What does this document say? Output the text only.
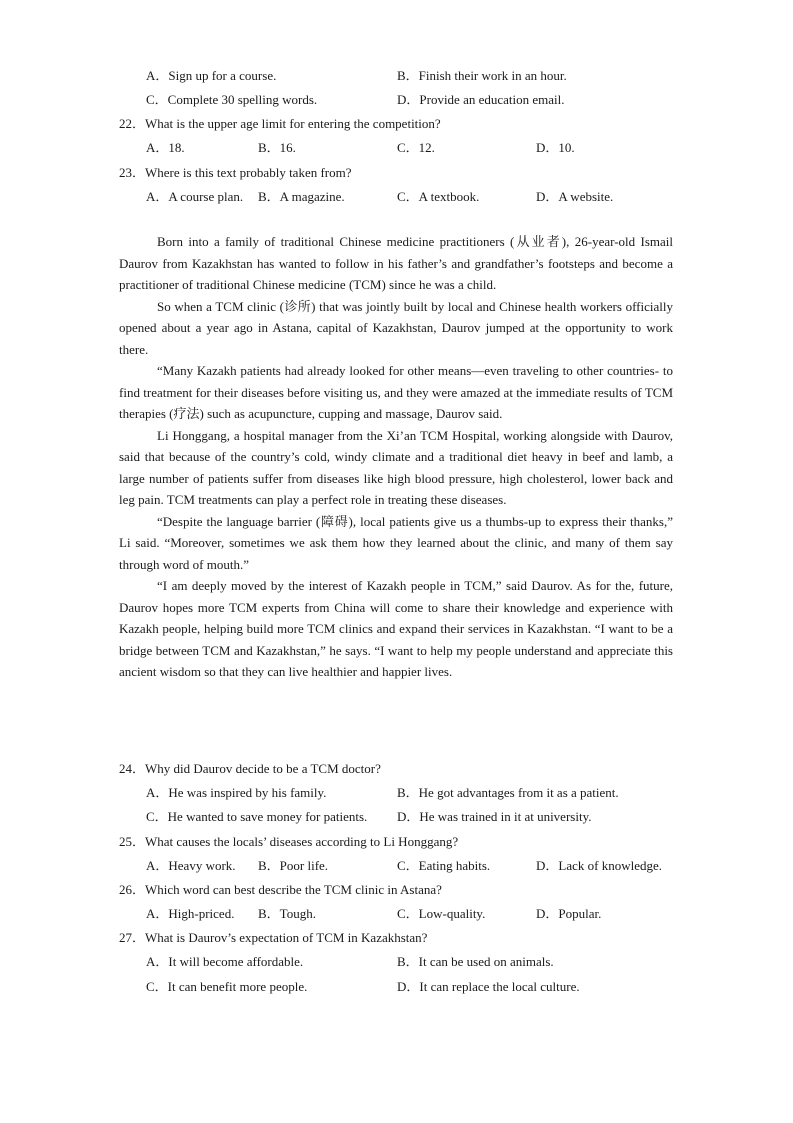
A．Sign up for a course.	B．Finish their work in an hour.
C．Complete 30 spelling words.	D．Provide an education email.
22．What is the upper age limit for entering the competition?
A．18.	B．16.	C．12.	D．10.
23．Where is this text probably taken from?
A．A course plan. B．A magazine.	C．A textbook.	D．A website.

Born into a family of traditional Chinese medicine practitioners (从业者), 26-year-old Ismail Daurov from Kazakhstan has wanted to follow in his father’s and grandfather’s footsteps and become a practitioner of traditional Chinese medicine (TCM) since he was a child.

So when a TCM clinic (诊所) that was jointly built by local and Chinese health workers officially opened about a year ago in Astana, capital of Kazakhstan, Daurov jumped at the opportunity to work there.

“Many Kazakh patients had already looked for other means—even traveling to other countries- to find treatment for their diseases before visiting us, and they were amazed at the immediate results of TCM therapies (疗法) such as acupuncture, cupping and massage, Daurov said.

Li Honggang, a hospital manager from the Xi’an TCM Hospital, working alongside with Daurov, said that because of the country’s cold, windy climate and a traditional diet heavy in beef and lamb, a large number of patients suffer from diseases like high blood pressure, high cholesterol, lower back and leg pain. TCM treatments can play a perfect role in treating these diseases.

“Despite the language barrier (障碍), local patients give us a thumbs-up to express their thanks,” Li said. “Moreover, sometimes we ask them how they learned about the clinic, and many of them say through word of mouth.”

“I am deeply moved by the interest of Kazakh people in TCM,” said Daurov. As for the, future, Daurov hopes more TCM experts from China will come to share their knowledge and experience with Kazakh people, helping build more TCM clinics and expand their services in Kazakhstan. “I want to be a bridge between TCM and Kazakhstan,” he says. “I want to help my people understand and appreciate this ancient wisdom so that they can live healthier and happier lives.

24．Why did Daurov decide to be a TCM doctor?
A．He was inspired by his family.	B．He got advantages from it as a patient.
C．He wanted to save money for patients. D．He was trained in it at university.
25．What causes the locals’ diseases according to Li Honggang?
A．Heavy work. B．Poor life.	C．Eating habits.	D．Lack of knowledge.
26．Which word can best describe the TCM clinic in Astana?
A．High-priced. B．Tough.	C．Low-quality.	D．Popular.
27．What is Daurov’s expectation of TCM in Kazakhstan?
A．It will become affordable.	B．It can be used on animals.
C．It can benefit more people.	D．It can replace the local culture.
